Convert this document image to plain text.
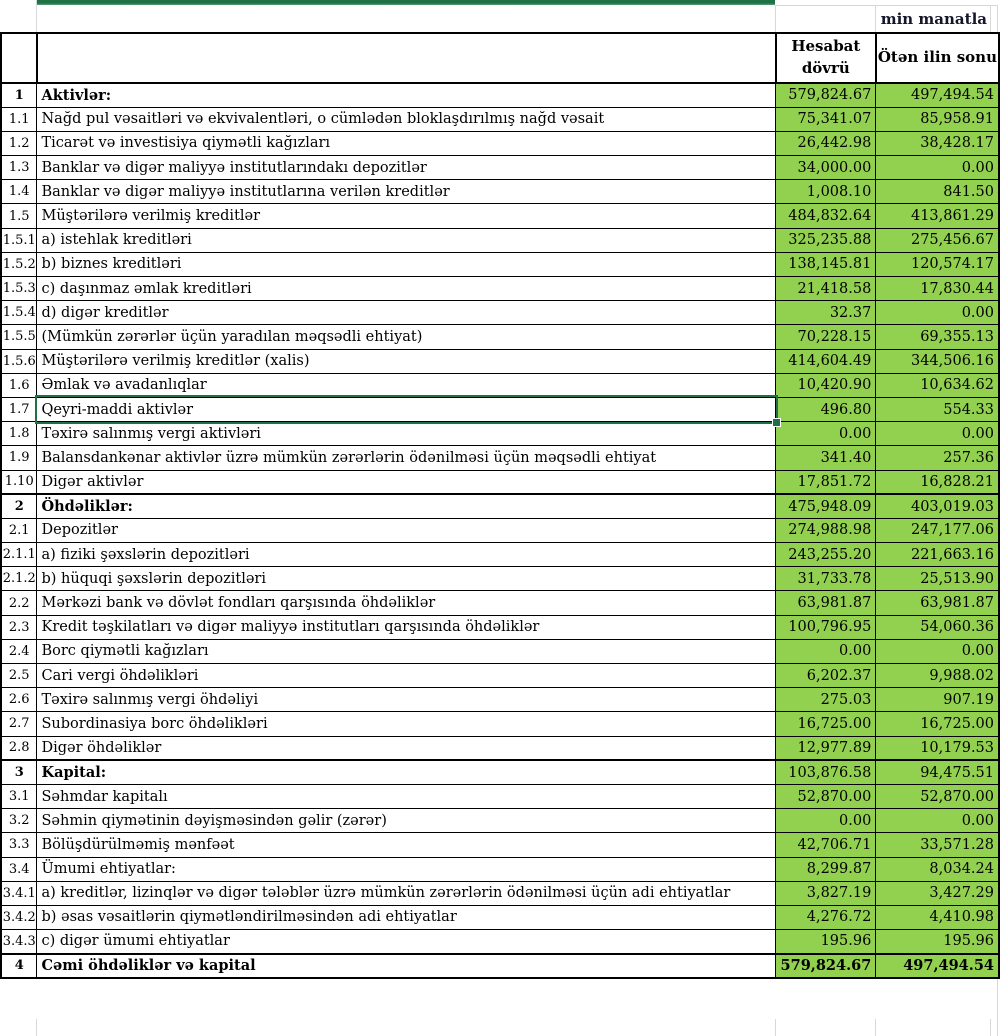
min manatla

		Hesabat
dövrü	Ötən ilin sonu
1	Aktivlər:	579,824.67	497,494.54
1.1	Nağd pul vəsaitləri və ekvivalentləri, o cümlədən bloklaşdırılmış nağd vəsait	75,341.07	85,958.91
1.2	Ticarət və investisiya qiymətli kağızları	26,442.98	38,428.17
1.3	Banklar və digər maliyyə institutlarındakı depozitlər	34,000.00	0.00
1.4	Banklar və digər maliyyə institutlarına verilən kreditlər	1,008.10	841.50
1.5	Müştərilərə verilmiş kreditlər	484,832.64	413,861.29
1.5.1	a) istehlak kreditləri	325,235.88	275,456.67
1.5.2	b) biznes kreditləri	138,145.81	120,574.17
1.5.3	c) daşınmaz əmlak kreditləri	21,418.58	17,830.44
1.5.4	d) digər kreditlər	32.37	0.00
1.5.5	(Mümkün zərərlər üçün yaradılan məqsədli ehtiyat)	70,228.15	69,355.13
1.5.6	Müştərilərə verilmiş kreditlər (xalis)	414,604.49	344,506.16
1.6	Əmlak və avadanlıqlar	10,420.90	10,634.62
1.7	Qeyri-maddi aktivlər	496.80	554.33
1.8	Təxirə salınmış vergi aktivləri	0.00	0.00
1.9	Balansdankənar aktivlər üzrə mümkün zərərlərin ödənilməsi üçün məqsədli ehtiyat	341.40	257.36
1.10	Digər aktivlər	17,851.72	16,828.21
2	Öhdəliklər:	475,948.09	403,019.03
2.1	Depozitlər	274,988.98	247,177.06
2.1.1	a) fiziki şəxslərin depozitləri	243,255.20	221,663.16
2.1.2	b) hüquqi şəxslərin depozitləri	31,733.78	25,513.90
2.2	Mərkəzi bank və dövlət fondları qarşısında öhdəliklər	63,981.87	63,981.87
2.3	Kredit təşkilatları və digər maliyyə institutları qarşısında öhdəliklər	100,796.95	54,060.36
2.4	Borc qiymətli kağızları	0.00	0.00
2.5	Cari vergi öhdəlikləri	6,202.37	9,988.02
2.6	Təxirə salınmış vergi öhdəliyi	275.03	907.19
2.7	Subordinasiya borc öhdəlikləri	16,725.00	16,725.00
2.8	Digər öhdəliklər	12,977.89	10,179.53
3	Kapital:	103,876.58	94,475.51
3.1	Səhmdar kapitalı	52,870.00	52,870.00
3.2	Səhmin qiymətinin dəyişməsindən gəlir (zərər)	0.00	0.00
3.3	Bölüşdürülməmiş mənfəət	42,706.71	33,571.28
3.4	Ümumi ehtiyatlar:	8,299.87	8,034.24
3.4.1	a) kreditlər, lizinqlər və digər tələblər üzrə mümkün zərərlərin ödənilməsi üçün adi ehtiyatlar	3,827.19	3,427.29
3.4.2	b) əsas vəsaitlərin qiymətləndirilməsindən adi ehtiyatlar	4,276.72	4,410.98
3.4.3	c) digər ümumi ehtiyatlar	195.96	195.96
4	Cəmi öhdəliklər və kapital	579,824.67	497,494.54
